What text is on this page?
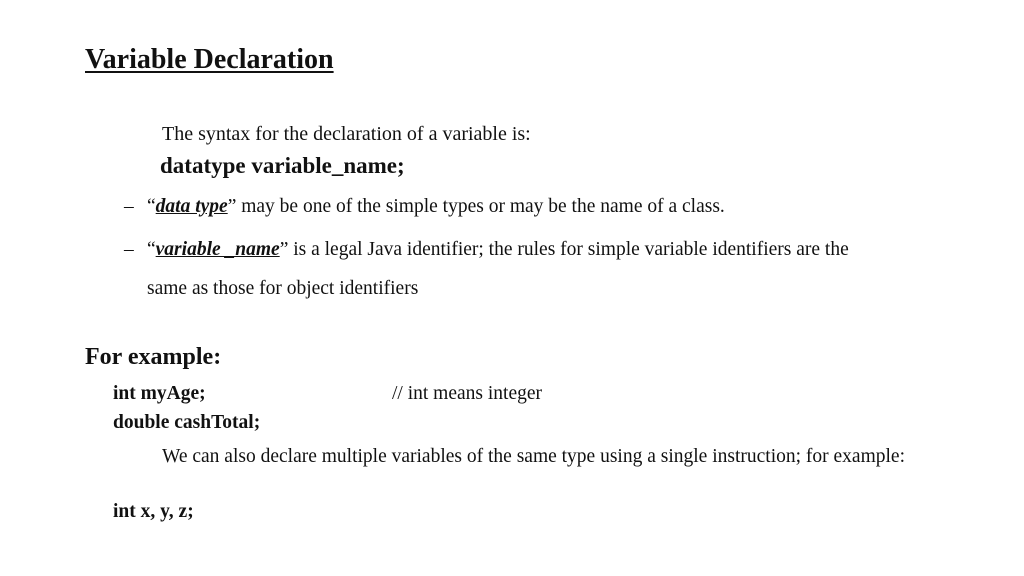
Variable Declaration
The syntax for the declaration of a variable is:
datatype variable_name;
– “data type” may be one of the simple types or may be the name of a class.
– “variable _name” is a legal Java identifier; the rules for simple variable identifiers are the
same as those for object identifiers
For example:
int myAge;	// int means integer
double cashTotal;
We can also declare multiple variables of the same type using a single instruction; for example:
int x, y, z;
